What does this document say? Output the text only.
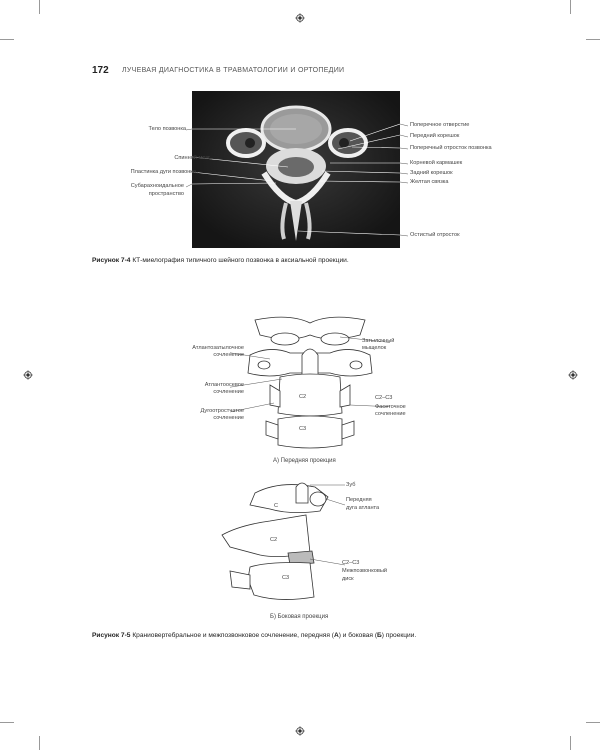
172 ЛУЧЕВАЯ ДИАГНОСТИКА В ТРАВМАТОЛОГИИ И ОРТОПЕДИИ
Тело позвонка
Спинной мозг
Пластинка дуги позвонка
Субарахноидальное
пространство
Поперечное отверстие
Передний корешок
Поперечный отросток позвонка
Корневой кармашек
Задний корешок
Желтая связка
Остистый отросток
Рисунок 7-4 КТ-миелография типичного шейного позвонка в аксиальной проекции.
C2
C3
Атлантозатылочное
сочленение
Атлантоосевое
сочленение
Дугоотростчатое
сочленение
Затылочный
мыщелок
C2–C3
Фасеточное
сочленение
А) Передняя проекция
C
C2
C3
Зуб
Передняя
дуга атланта
C2–C3
Межпозвонковый
диск
Б) Боковая проекция
Рисунок 7-5 Краниовертебральное и межпозвонковое сочленение, передняя (А) и боковая (Б) проекции.
